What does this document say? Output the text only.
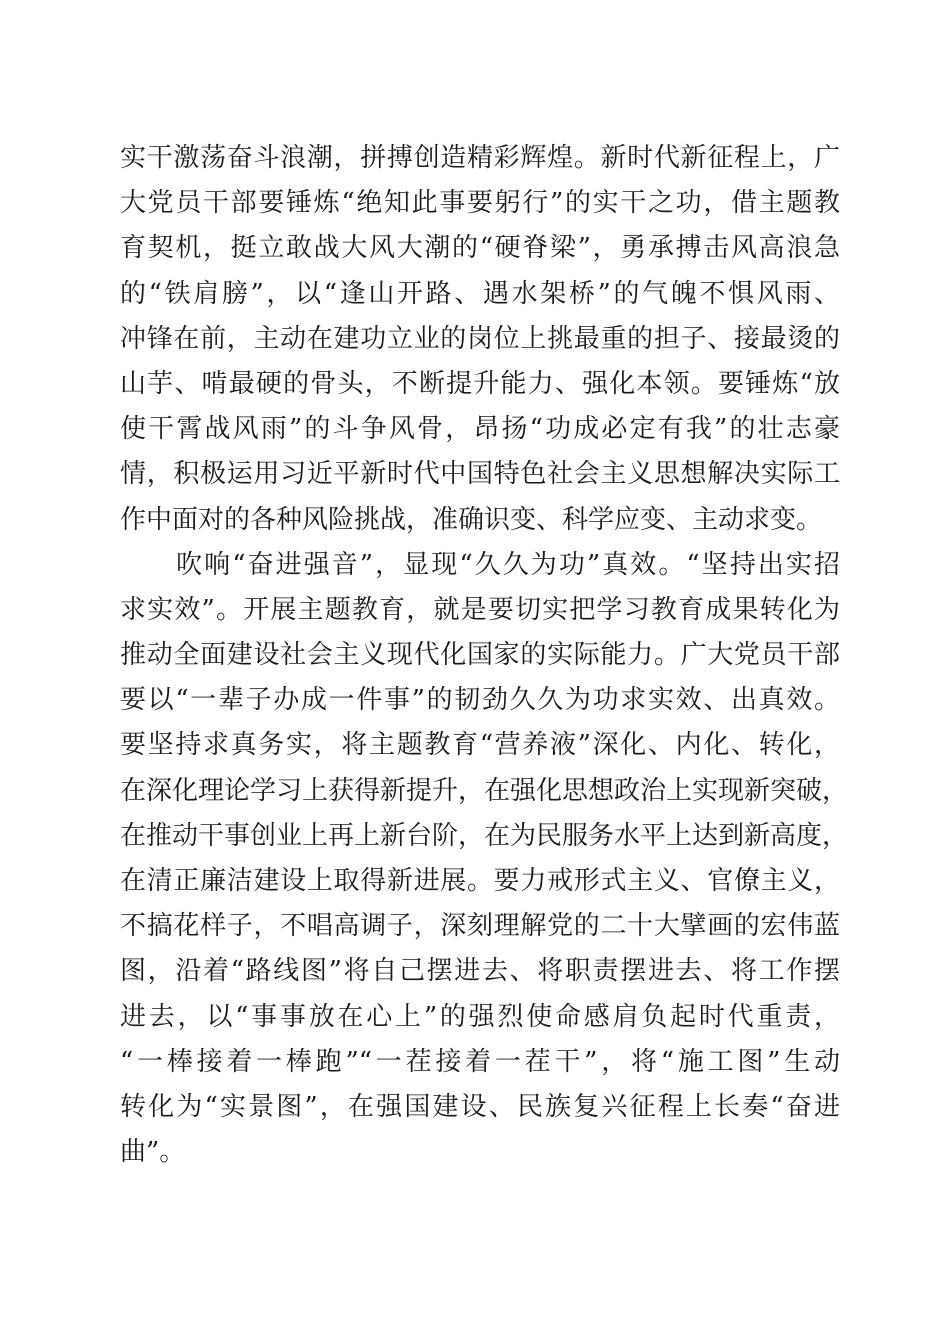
实干激荡奋斗浪潮，拼搏创造精彩辉煌。新时代新征程上，广
大党员干部要锤炼“绝知此事要躬行”的实干之功，借主题教
育契机，挺立敢战大风大潮的“硬脊梁”，勇承搏击风高浪急
的“铁肩膀”，以“逢山开路、遇水架桥”的气魄不惧风雨、
冲锋在前，主动在建功立业的岗位上挑最重的担子、接最烫的
山芋、啃最硬的骨头，不断提升能力、强化本领。要锤炼“放
使干霄战风雨”的斗争风骨，昂扬“功成必定有我”的壮志豪
情，积极运用习近平新时代中国特色社会主义思想解决实际工
作中面对的各种风险挑战，准确识变、科学应变、主动求变。
　　吹响“奋进强音”，显现“久久为功”真效。“坚持出实招
求实效”。开展主题教育，就是要切实把学习教育成果转化为
推动全面建设社会主义现代化国家的实际能力。广大党员干部
要以“一辈子办成一件事”的韧劲久久为功求实效、出真效。
要坚持求真务实，将主题教育“营养液”深化、内化、转化，
在深化理论学习上获得新提升，在强化思想政治上实现新突破，
在推动干事创业上再上新台阶，在为民服务水平上达到新高度，
在清正廉洁建设上取得新进展。要力戒形式主义、官僚主义，
不搞花样子，不唱高调子，深刻理解党的二十大擘画的宏伟蓝
图，沿着“路线图”将自己摆进去、将职责摆进去、将工作摆
进去，以“事事放在心上”的强烈使命感肩负起时代重责，
“一棒接着一棒跑”“一茬接着一茬干”，将“施工图”生动
转化为“实景图”，在强国建设、民族复兴征程上长奏“奋进
曲”。
